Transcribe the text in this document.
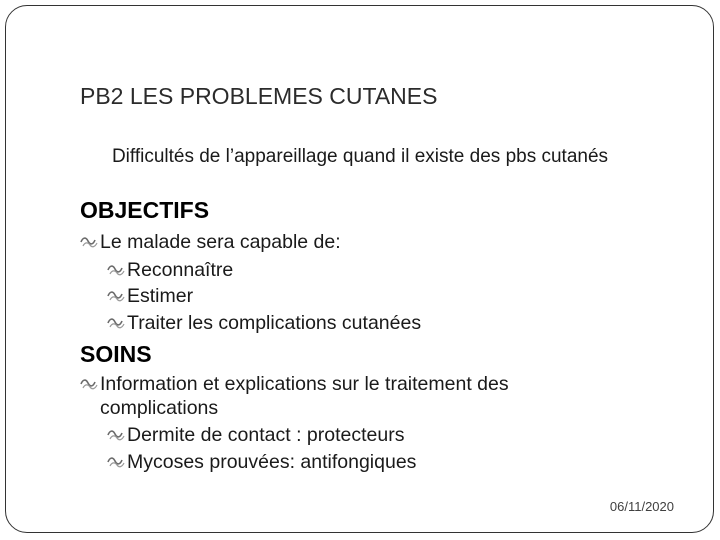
PB2 LES PROBLEMES CUTANES
Difficultés de l’appareillage quand il existe des pbs cutanés
OBJECTIFS
Le malade sera capable de:
Reconnaître
Estimer
Traiter les complications cutanées
SOINS
Information et explications sur le traitement des complications
Dermite de contact : protecteurs
Mycoses prouvées: antifongiques
06/11/2020
